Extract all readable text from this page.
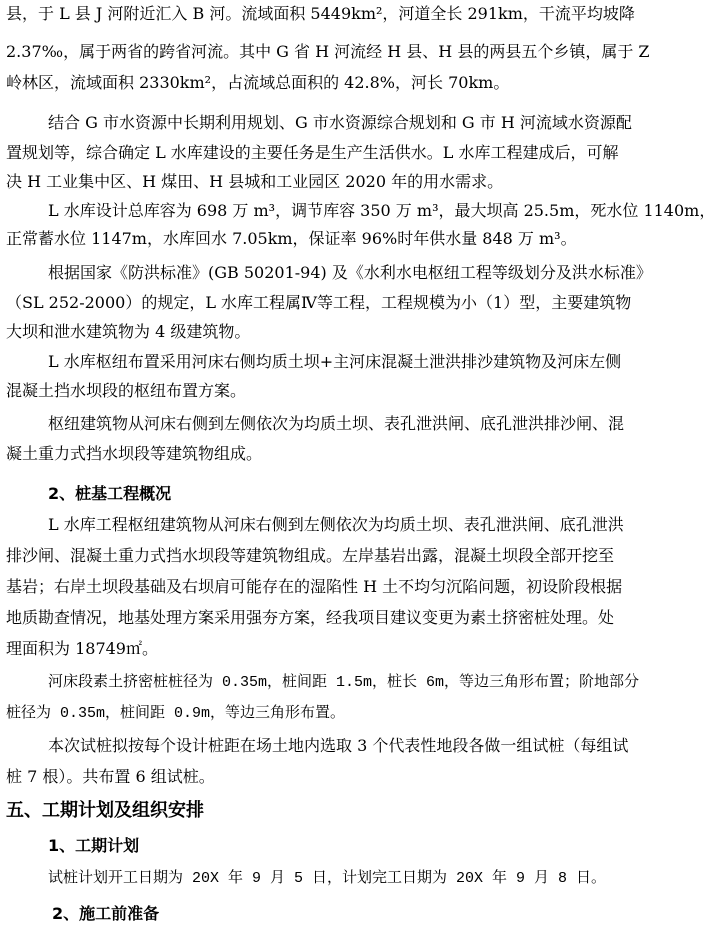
县，于 L 县 J 河附近汇入 B 河。流域面积 5449km²，河道全长 291km，干流平均坡降
2.37‰，属于两省的跨省河流。其中 G 省 H 河流经 H 县、H 县的两县五个乡镇，属于 Z
岭林区，流域面积 2330km²，占流域总面积的 42.8%，河长 70km。
结合 G 市水资源中长期利用规划、G 市水资源综合规划和 G 市 H 河流域水资源配
置规划等，综合确定 L 水库建设的主要任务是生产生活供水。L 水库工程建成后，可解
决 H 工业集中区、H 煤田、H 县城和工业园区 2020 年的用水需求。
L 水库设计总库容为 698 万 m³，调节库容 350 万 m³，最大坝高 25.5m，死水位 1140m，
正常蓄水位 1147m，水库回水 7.05km，保证率 96%时年供水量 848 万 m³。
根据国家《防洪标准》(GB 50201-94) 及《水利水电枢纽工程等级划分及洪水标准》
（SL 252-2000）的规定，L 水库工程属Ⅳ等工程，工程规模为小（1）型，主要建筑物
大坝和泄水建筑物为 4 级建筑物。
L 水库枢纽布置采用河床右侧均质土坝+主河床混凝土泄洪排沙建筑物及河床左侧
混凝土挡水坝段的枢纽布置方案。
枢纽建筑物从河床右侧到左侧依次为均质土坝、表孔泄洪闸、底孔泄洪排沙闸、混
凝土重力式挡水坝段等建筑物组成。
2、桩基工程概况
L 水库工程枢纽建筑物从河床右侧到左侧依次为均质土坝、表孔泄洪闸、底孔泄洪
排沙闸、混凝土重力式挡水坝段等建筑物组成。左岸基岩出露，混凝土坝段全部开挖至
基岩；右岸土坝段基础及右坝肩可能存在的湿陷性 H 土不均匀沉陷问题，初设阶段根据
地质勘查情况，地基处理方案采用强夯方案，经我项目建议变更为素土挤密桩处理。处
理面积为 18749㎡。
河床段素土挤密桩桩径为 0.35m，桩间距 1.5m，桩长 6m，等边三角形布置；阶地部分
桩径为 0.35m，桩间距 0.9m，等边三角形布置。
本次试桩拟按每个设计桩距在场土地内选取 3 个代表性地段各做一组试桩（每组试
桩 7 根）。共布置 6 组试桩。
五、工期计划及组织安排
1、工期计划
试桩计划开工日期为 20X 年 9 月 5 日，计划完工日期为 20X 年 9 月 8 日。
2、施工前准备
